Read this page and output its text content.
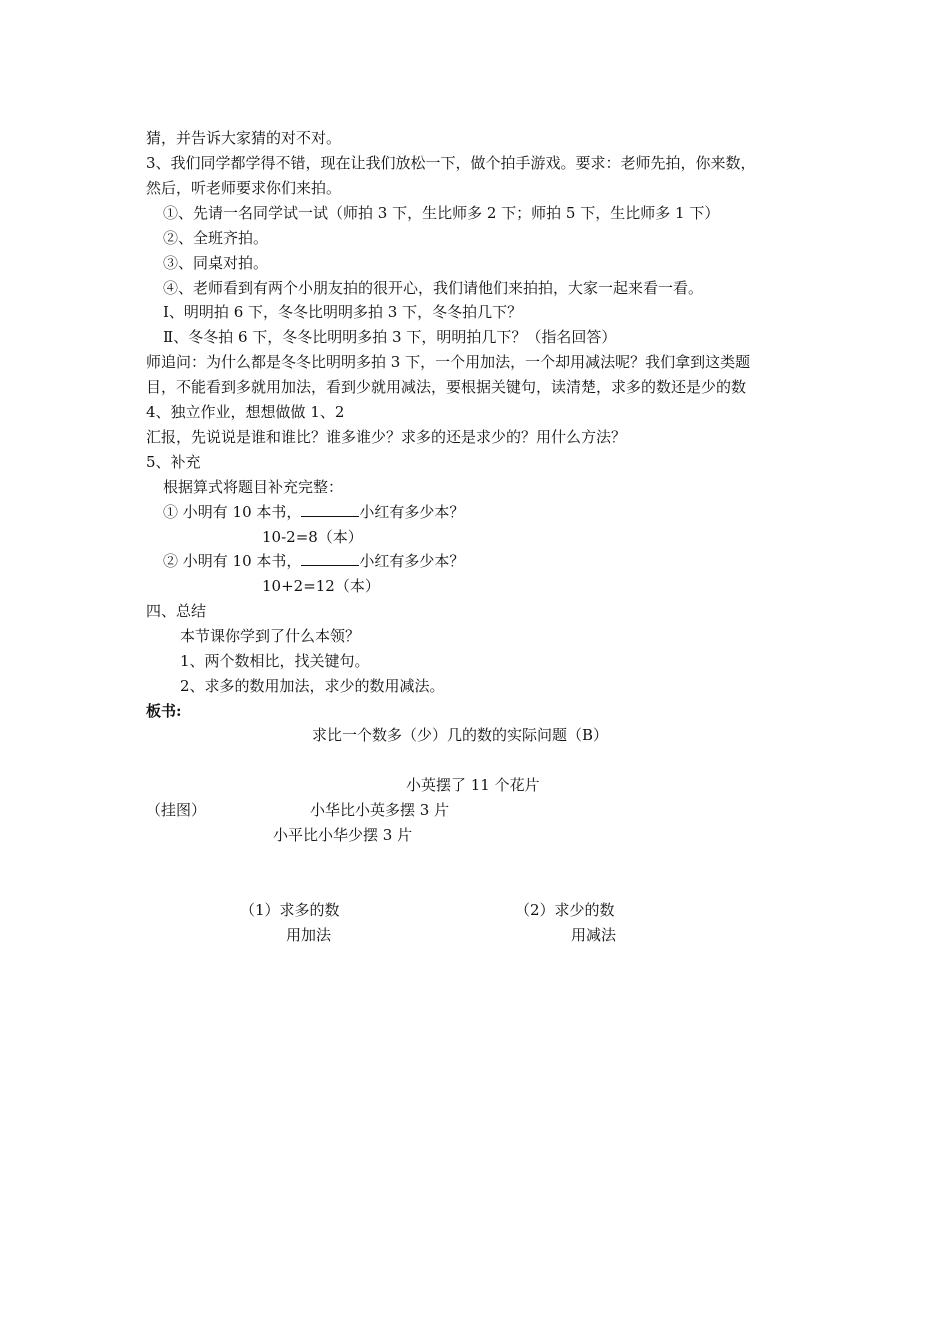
猜，并告诉大家猜的对不对。
3、我们同学都学得不错，现在让我们放松一下，做个拍手游戏。要求：老师先拍，你来数，
然后，听老师要求你们来拍。
①、先请一名同学试一试（师拍 3 下，生比师多 2 下；师拍 5 下，生比师多 1 下）
②、全班齐拍。
③、同桌对拍。
④、老师看到有两个小朋友拍的很开心，我们请他们来拍拍，大家一起来看一看。
Ⅰ、明明拍 6 下，冬冬比明明多拍 3 下，冬冬拍几下？
Ⅱ、冬冬拍 6 下，冬冬比明明多拍 3 下，明明拍几下？（指名回答）
师追问：为什么都是冬冬比明明多拍 3 下，一个用加法，一个却用减法呢？我们拿到这类题
目，不能看到多就用加法，看到少就用减法，要根据关键句，读清楚，求多的数还是少的数
4、独立作业，想想做做 1、2
汇报，先说说是谁和谁比？谁多谁少？求多的还是求少的？用什么方法？
5、补充
根据算式将题目补充完整：
① 小明有 10 本书，	小红有多少本？
10-2=8（本）
② 小明有 10 本书，	小红有多少本？
10+2=12（本）
四、总结
本节课你学到了什么本领？
1、两个数相比，找关键句。
2、求多的数用加法，求少的数用减法。
板书:
求比一个数多（少）几的数的实际问题（B）
小英摆了 11 个花片
（挂图）	小华比小英多摆 3 片
小平比小华少摆 3 片
（1）求多的数
用加法
（2）求少的数
用减法
